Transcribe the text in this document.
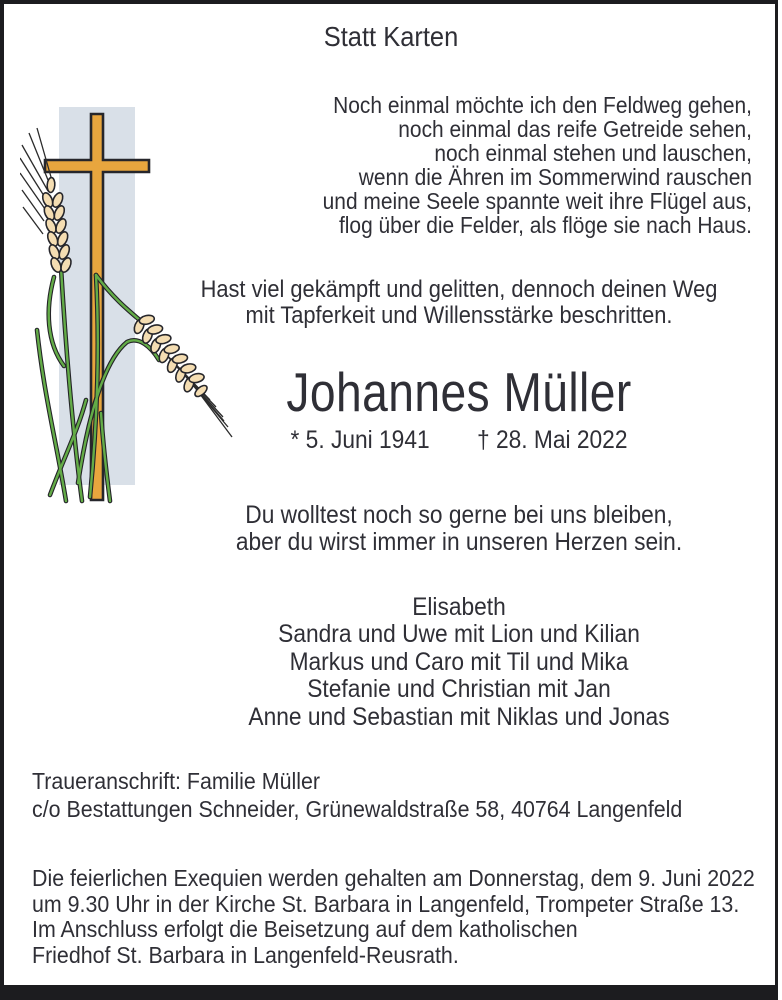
Statt Karten
Noch einmal möchte ich den Feldweg gehen,
noch einmal das reife Getreide sehen,
noch einmal stehen und lauschen,
wenn die Ähren im Sommerwind rauschen
und meine Seele spannte weit ihre Flügel aus,
flog über die Felder, als flöge sie nach Haus.
Hast viel gekämpft und gelitten, dennoch deinen Weg
mit Tapferkeit und Willensstärke beschritten.
Johannes Müller
* 5. Juni 1941 † 28. Mai 2022
Du wolltest noch so gerne bei uns bleiben,
aber du wirst immer in unseren Herzen sein.
Elisabeth
Sandra und Uwe mit Lion und Kilian
Markus und Caro mit Til und Mika
Stefanie und Christian mit Jan
Anne und Sebastian mit Niklas und Jonas
Traueranschrift: Familie Müller
c/o Bestattungen Schneider, Grünewaldstraße 58, 40764 Langenfeld
Die feierlichen Exequien werden gehalten am Donnerstag, dem 9. Juni 2022
um 9.30 Uhr in der Kirche St. Barbara in Langenfeld, Trompeter Straße 13.
Im Anschluss erfolgt die Beisetzung auf dem katholischen
Friedhof St. Barbara in Langenfeld-Reusrath.
